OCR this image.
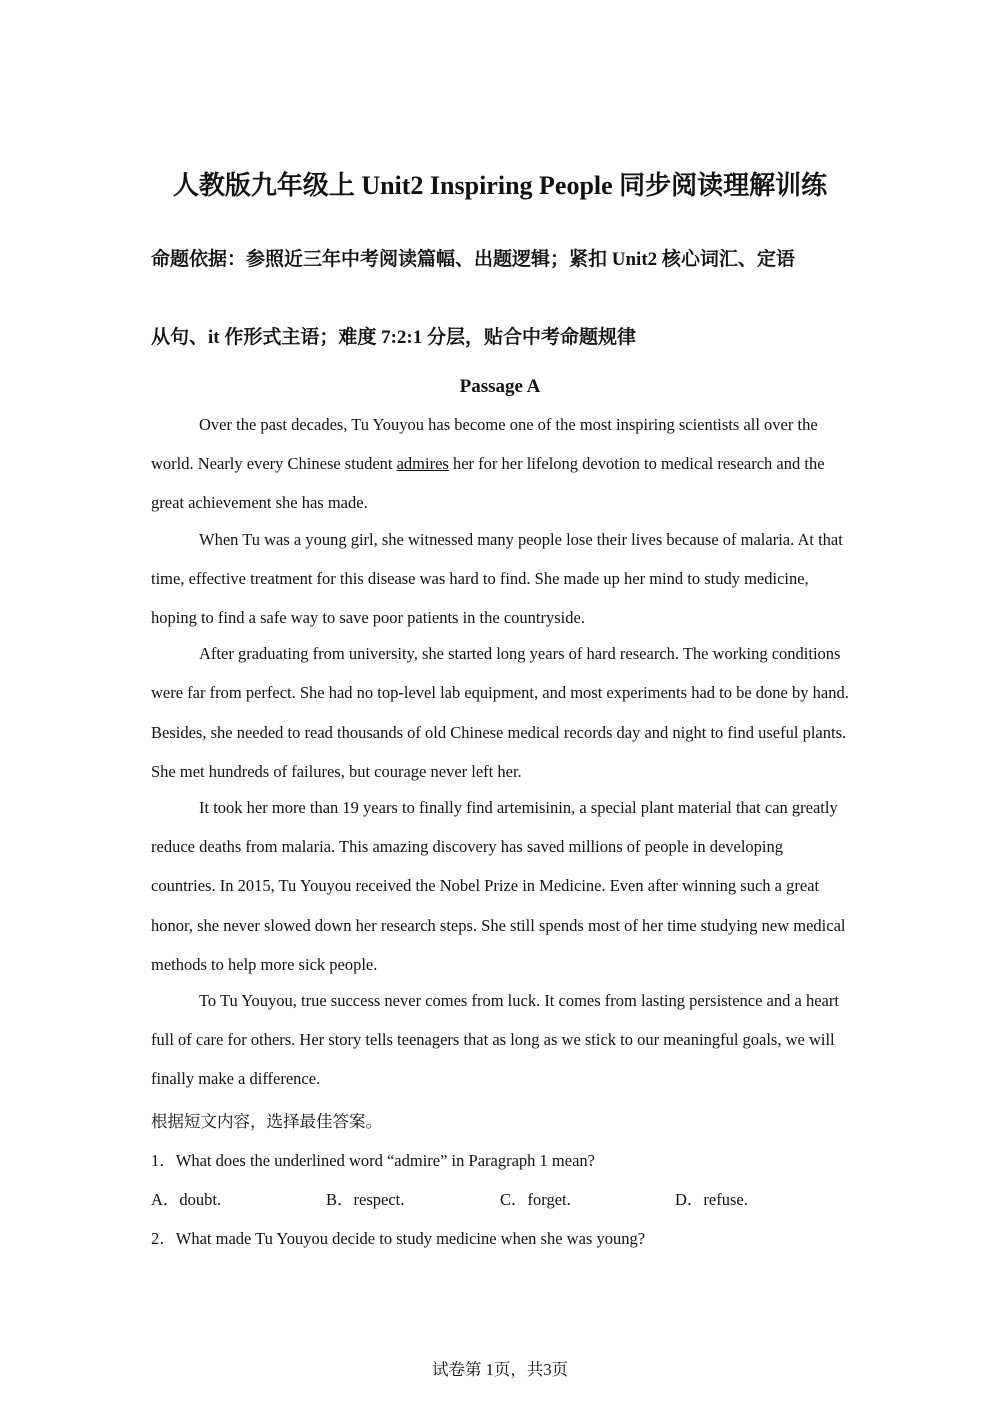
人教版九年级上 Unit2 Inspiring People 同步阅读理解训练
命题依据：参照近三年中考阅读篇幅、出题逻辑；紧扣 Unit2 核心词汇、定语
从句、it 作形式主语；难度 7:2:1 分层，贴合中考命题规律
Passage A

Over the past decades, Tu Youyou has become one of the most inspiring scientists all over the world. Nearly every Chinese student admires her for her lifelong devotion to medical research and the great achievement she has made.

When Tu was a young girl, she witnessed many people lose their lives because of malaria. At that time, effective treatment for this disease was hard to find. She made up her mind to study medicine, hoping to find a safe way to save poor patients in the countryside.

After graduating from university, she started long years of hard research. The working conditions were far from perfect. She had no top-level lab equipment, and most experiments had to be done by hand. Besides, she needed to read thousands of old Chinese medical records day and night to find useful plants. She met hundreds of failures, but courage never left her.

It took her more than 19 years to finally find artemisinin, a special plant material that can greatly reduce deaths from malaria. This amazing discovery has saved millions of people in developing countries. In 2015, Tu Youyou received the Nobel Prize in Medicine. Even after winning such a great honor, she never slowed down her research steps. She still spends most of her time studying new medical methods to help more sick people.

To Tu Youyou, true success never comes from luck. It comes from lasting persistence and a heart full of care for others. Her story tells teenagers that as long as we stick to our meaningful goals, we will finally make a difference.

根据短文内容，选择最佳答案。
1．What does the underlined word “admire” in Paragraph 1 mean?
A．doubt.	B．respect.	C．forget.	D．refuse.
2．What made Tu Youyou decide to study medicine when she was young?
试卷第 1页，共3页
